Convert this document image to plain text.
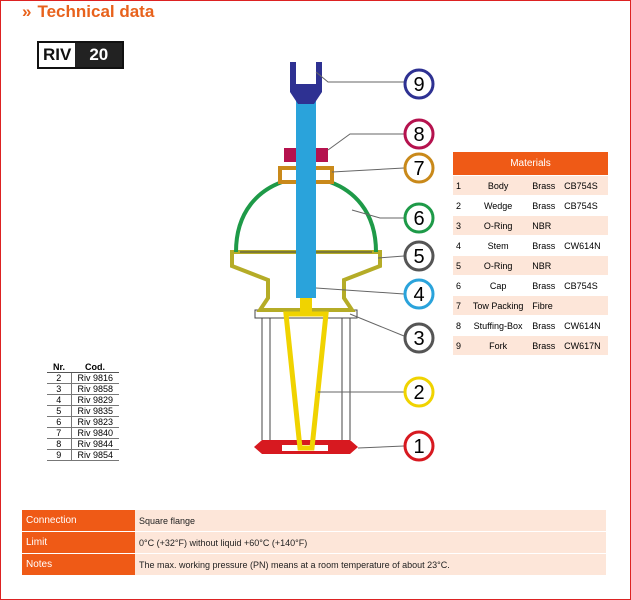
» Technical data
RIV	20
9
8
7
6
5
4
3
2
1
Materials			
1	Body	Brass	CB754S
2	Wedge	Brass	CB754S
3	O-Ring	NBR	
4	Stem	Brass	CW614N
5	O-Ring	NBR	
6	Cap	Brass	CB754S
7	Tow Packing	Fibre	
8	Stuffing-Box	Brass	CW614N
9	Fork	Brass	CW617N
Nr.	Cod.
2	Riv 9816
3	Riv 9858
4	Riv 9829
5	Riv 9835
6	Riv 9823
7	Riv 9840
8	Riv 9844
9	Riv 9854
Connection	Square flange
Limit	0°C (+32°F) without liquid +60°C (+140°F)
Notes	The max. working pressure (PN) means at a room temperature of about 23°C.
